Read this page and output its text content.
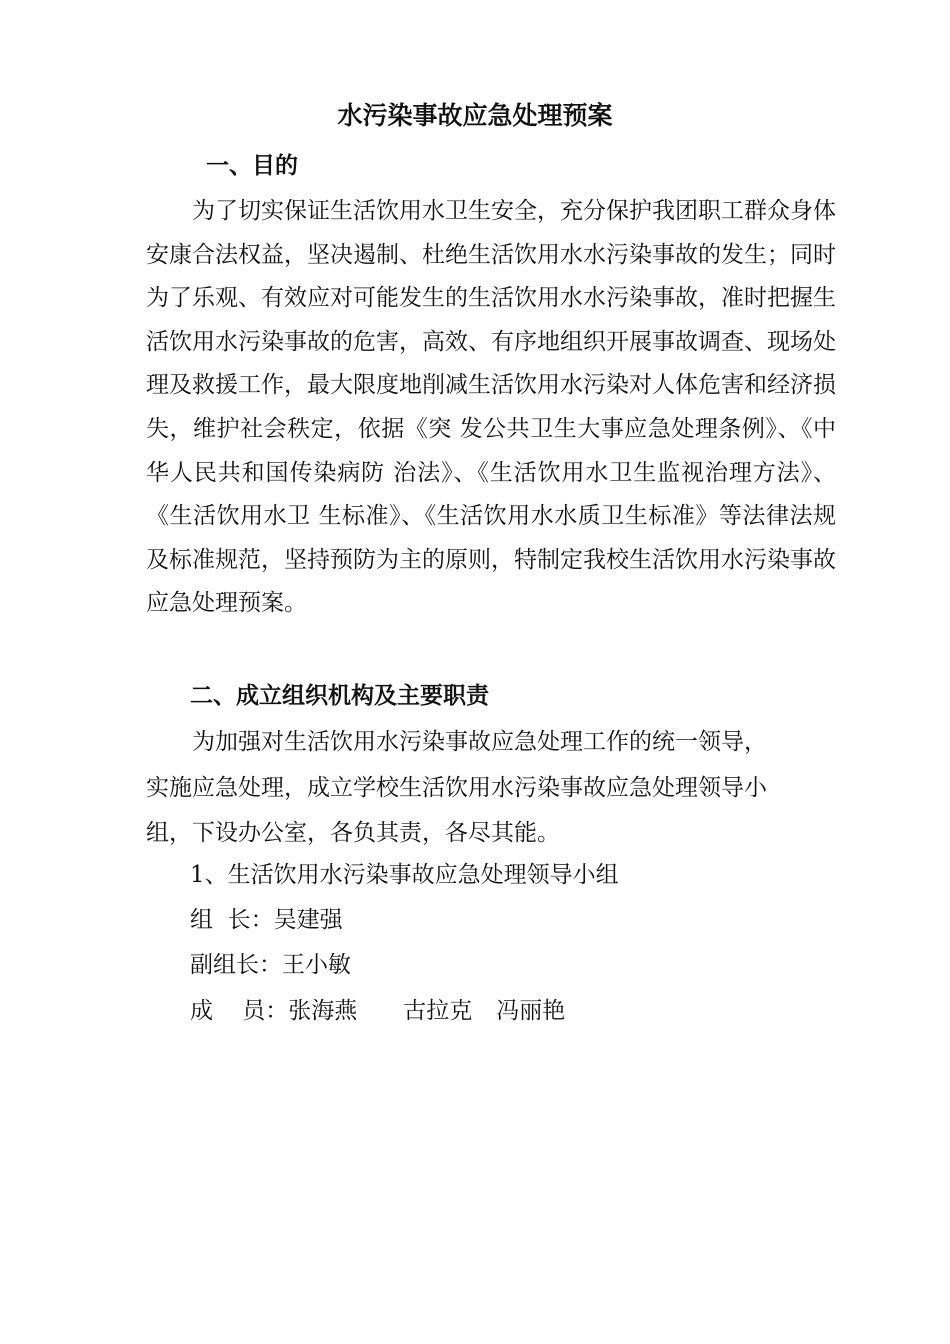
水污染事故应急处理预案
一、目的

为了切实保证生活饮用水卫生安全，充分保护我团职工群众身体安康合法权益，坚决遏制、杜绝生活饮用水水污染事故的发生；同时为了乐观、有效应对可能发生的生活饮用水水污染事故，准时把握生活饮用水污染事故的危害，高效、有序地组织开展事故调查、现场处理及救援工作，最大限度地削减生活饮用水污染对人体危害和经济损失，维护社会秩定，依据《突 发公共卫生大事应急处理条例》、《中华人民共和国传染病防 治法》、《生活饮用水卫生监视治理方法》、《生活饮用水卫 生标准》、《生活饮用水水质卫生标准》等法律法规及标准规范，坚持预防为主的原则，特制定我校生活饮用水污染事故应急处理预案。

二、成立组织机构及主要职责

为加强对生活饮用水污染事故应急处理工作的统一领导，实施应急处理，成立学校生活饮用水污染事故应急处理领导小组，下设办公室，各负其责，各尽其能。

1、生活饮用水污染事故应急处理领导小组

组  长：吴建强

副组长：王小敏

成    员：张海燕 古拉克 冯丽艳
